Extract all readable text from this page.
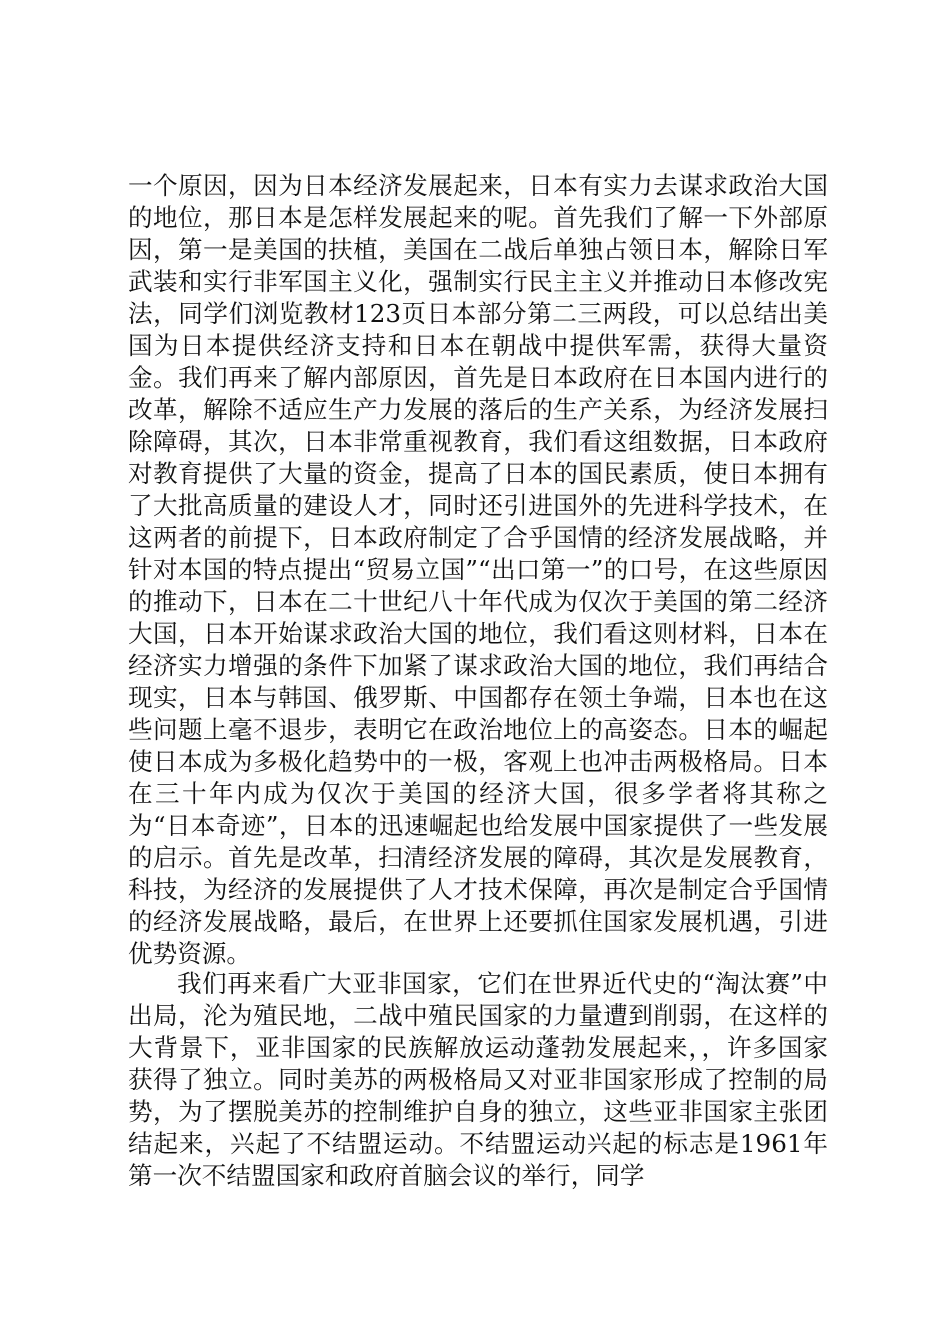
一个原因，因为日本经济发展起来，日本有实力去谋求政治大国的地位，那日本是怎样发展起来的呢。首先我们了解一下外部原因，第一是美国的扶植，美国在二战后单独占领日本，解除日军武装和实行非军国主义化，强制实行民主主义并推动日本修改宪法，同学们浏览教材123页日本部分第二三两段，可以总结出美国为日本提供经济支持和日本在朝战中提供军需，获得大量资金。我们再来了解内部原因，首先是日本政府在日本国内进行的改革，解除不适应生产力发展的落后的生产关系，为经济发展扫除障碍，其次，日本非常重视教育，我们看这组数据，日本政府对教育提供了大量的资金，提高了日本的国民素质，使日本拥有了大批高质量的建设人才，同时还引进国外的先进科学技术，在这两者的前提下，日本政府制定了合乎国情的经济发展战略，并针对本国的特点提出“贸易立国”“出口第一”的口号，在这些原因的推动下，日本在二十世纪八十年代成为仅次于美国的第二经济大国，日本开始谋求政治大国的地位，我们看这则材料，日本在经济实力增强的条件下加紧了谋求政治大国的地位，我们再结合现实，日本与韩国、俄罗斯、中国都存在领土争端，日本也在这些问题上毫不退步，表明它在政治地位上的高姿态。日本的崛起使日本成为多极化趋势中的一极，客观上也冲击两极格局。日本在三十年内成为仅次于美国的经济大国，很多学者将其称之为“日本奇迹”，日本的迅速崛起也给发展中国家提供了一些发展的启示。首先是改革，扫清经济发展的障碍，其次是发展教育，科技，为经济的发展提供了人才技术保障，再次是制定合乎国情的经济发展战略，最后，在世界上还要抓住国家发展机遇，引进优势资源。

我们再来看广大亚非国家，它们在世界近代史的“淘汰赛”中出局，沦为殖民地，二战中殖民国家的力量遭到削弱，在这样的大背景下，亚非国家的民族解放运动蓬勃发展起来，，许多国家获得了独立。同时美苏的两极格局又对亚非国家形成了控制的局势，为了摆脱美苏的控制维护自身的独立，这些亚非国家主张团结起来，兴起了不结盟运动。不结盟运动兴起的标志是1961年第一次不结盟国家和政府首脑会议的举行，同学
